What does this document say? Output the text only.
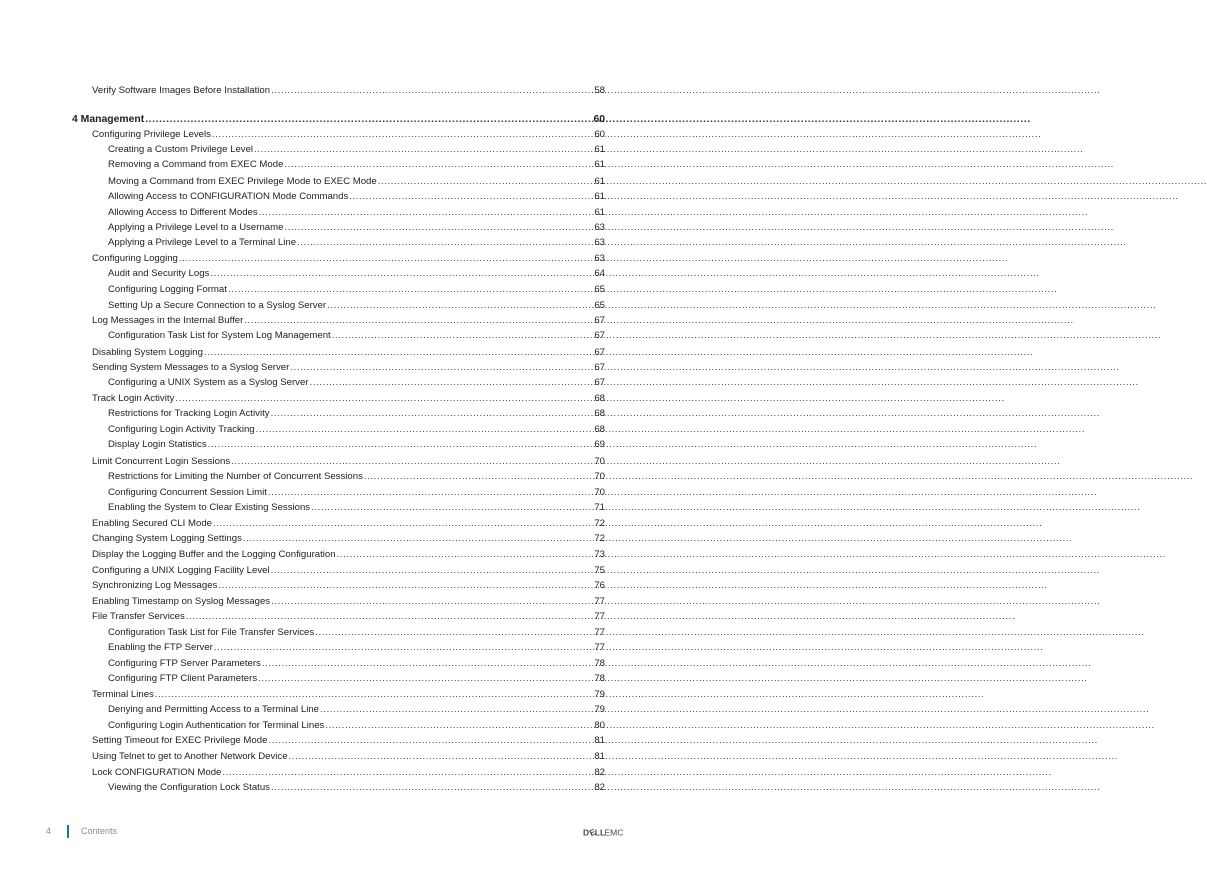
Verify Software Images Before Installation .....	58
4 Management .....	60
Configuring Privilege Levels .....	60
Creating a Custom Privilege Level .....	61
Removing a Command from EXEC Mode .....	61
Moving a Command from EXEC Privilege Mode to EXEC Mode .....	61
Allowing Access to CONFIGURATION Mode Commands .....	61
Allowing Access to Different Modes .....	61
Applying a Privilege Level to a Username .....	63
Applying a Privilege Level to a Terminal Line .....	63
Configuring Logging .....	63
Audit and Security Logs .....	64
Configuring Logging Format .....	65
Setting Up a Secure Connection to a Syslog Server .....	65
Log Messages in the Internal Buffer .....	67
Configuration Task List for System Log Management .....	67
Disabling System Logging .....	67
Sending System Messages to a Syslog Server .....	67
Configuring a UNIX System as a Syslog Server .....	67
Track Login Activity .....	68
Restrictions for Tracking Login Activity .....	68
Configuring Login Activity Tracking .....	68
Display Login Statistics .....	69
Limit Concurrent Login Sessions .....	70
Restrictions for Limiting the Number of Concurrent Sessions .....	70
Configuring Concurrent Session Limit .....	70
Enabling the System to Clear Existing Sessions .....	71
Enabling Secured CLI Mode .....	72
Changing System Logging Settings .....	72
Display the Logging Buffer and the Logging Configuration .....	73
Configuring a UNIX Logging Facility Level .....	75
Synchronizing Log Messages .....	76
Enabling Timestamp on Syslog Messages .....	77
File Transfer Services .....	77
Configuration Task List for File Transfer Services .....	77
Enabling the FTP Server .....	77
Configuring FTP Server Parameters .....	78
Configuring FTP Client Parameters .....	78
Terminal Lines .....	79
Denying and Permitting Access to a Terminal Line .....	79
Configuring Login Authentication for Terminal Lines .....	80
Setting Timeout for EXEC Privilege Mode .....	81
Using Telnet to get to Another Network Device .....	81
Lock CONFIGURATION Mode .....	82
Viewing the Configuration Lock Status .....	82
4	Contents	D
E
LL EMC
